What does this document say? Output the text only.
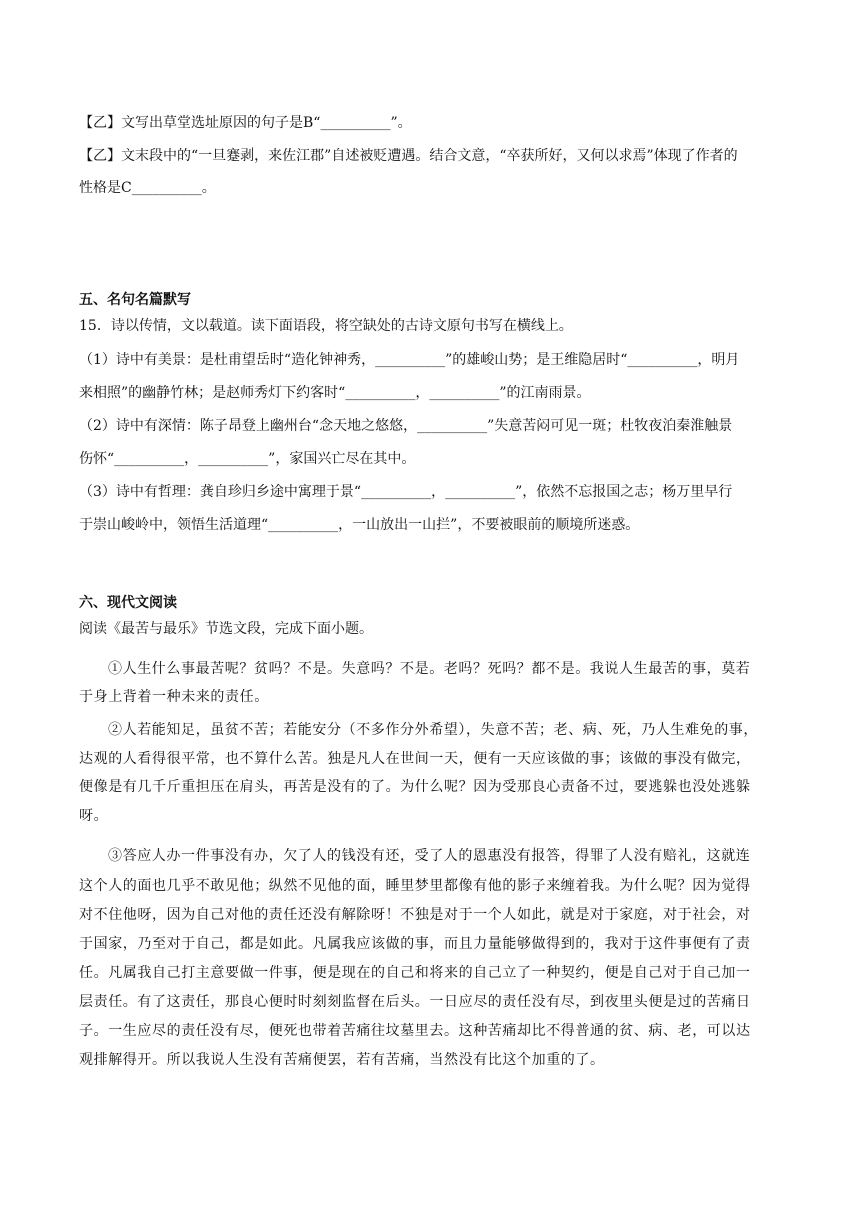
【乙】文写出草堂选址原因的句子是B“__________”。
【乙】文末段中的“一旦蹇剥，来佐江郡”自述被贬遭遇。结合文意，“卒获所好，又何以求焉”体现了作者的
性格是C__________。
五、名句名篇默写
15．诗以传情，文以载道。读下面语段，将空缺处的古诗文原句书写在横线上。
（1）诗中有美景：是杜甫望岳时“造化钟神秀，__________”的雄峻山势；是王维隐居时“__________，明月
来相照”的幽静竹林；是赵师秀灯下约客时“__________，__________”的江南雨景。
（2）诗中有深情：陈子昂登上幽州台“念天地之悠悠，__________”失意苦闷可见一斑；杜牧夜泊秦淮触景
伤怀“__________，__________”，家国兴亡尽在其中。
（3）诗中有哲理：龚自珍归乡途中寓理于景“__________，__________”，依然不忘报国之志；杨万里早行
于崇山峻岭中，领悟生活道理“__________，一山放出一山拦”，不要被眼前的顺境所迷惑。
六、现代文阅读
阅读《最苦与最乐》节选文段，完成下面小题。
①人生什么事最苦呢？贫吗？不是。失意吗？不是。老吗？死吗？都不是。我说人生最苦的事，莫若
于身上背着一种未来的责任。
②人若能知足，虽贫不苦；若能安分（不多作分外希望），失意不苦；老、病、死，乃人生难免的事，
达观的人看得很平常，也不算什么苦。独是凡人在世间一天，便有一天应该做的事；该做的事没有做完，
便像是有几千斤重担压在肩头，再苦是没有的了。为什么呢？因为受那良心责备不过，要逃躲也没处逃躲
呀。
③答应人办一件事没有办，欠了人的钱没有还，受了人的恩惠没有报答，得罪了人没有赔礼，这就连
这个人的面也几乎不敢见他；纵然不见他的面，睡里梦里都像有他的影子来缠着我。为什么呢？因为觉得
对不住他呀，因为自己对他的责任还没有解除呀！不独是对于一个人如此，就是对于家庭，对于社会，对
于国家，乃至对于自己，都是如此。凡属我应该做的事，而且力量能够做得到的，我对于这件事便有了责
任。凡属我自己打主意要做一件事，便是现在的自己和将来的自己立了一种契约，便是自己对于自己加一
层责任。有了这责任，那良心便时时刻刻监督在后头。一日应尽的责任没有尽，到夜里头便是过的苦痛日
子。一生应尽的责任没有尽，便死也带着苦痛往坟墓里去。这种苦痛却比不得普通的贫、病、老，可以达
观排解得开。所以我说人生没有苦痛便罢，若有苦痛，当然没有比这个加重的了。
